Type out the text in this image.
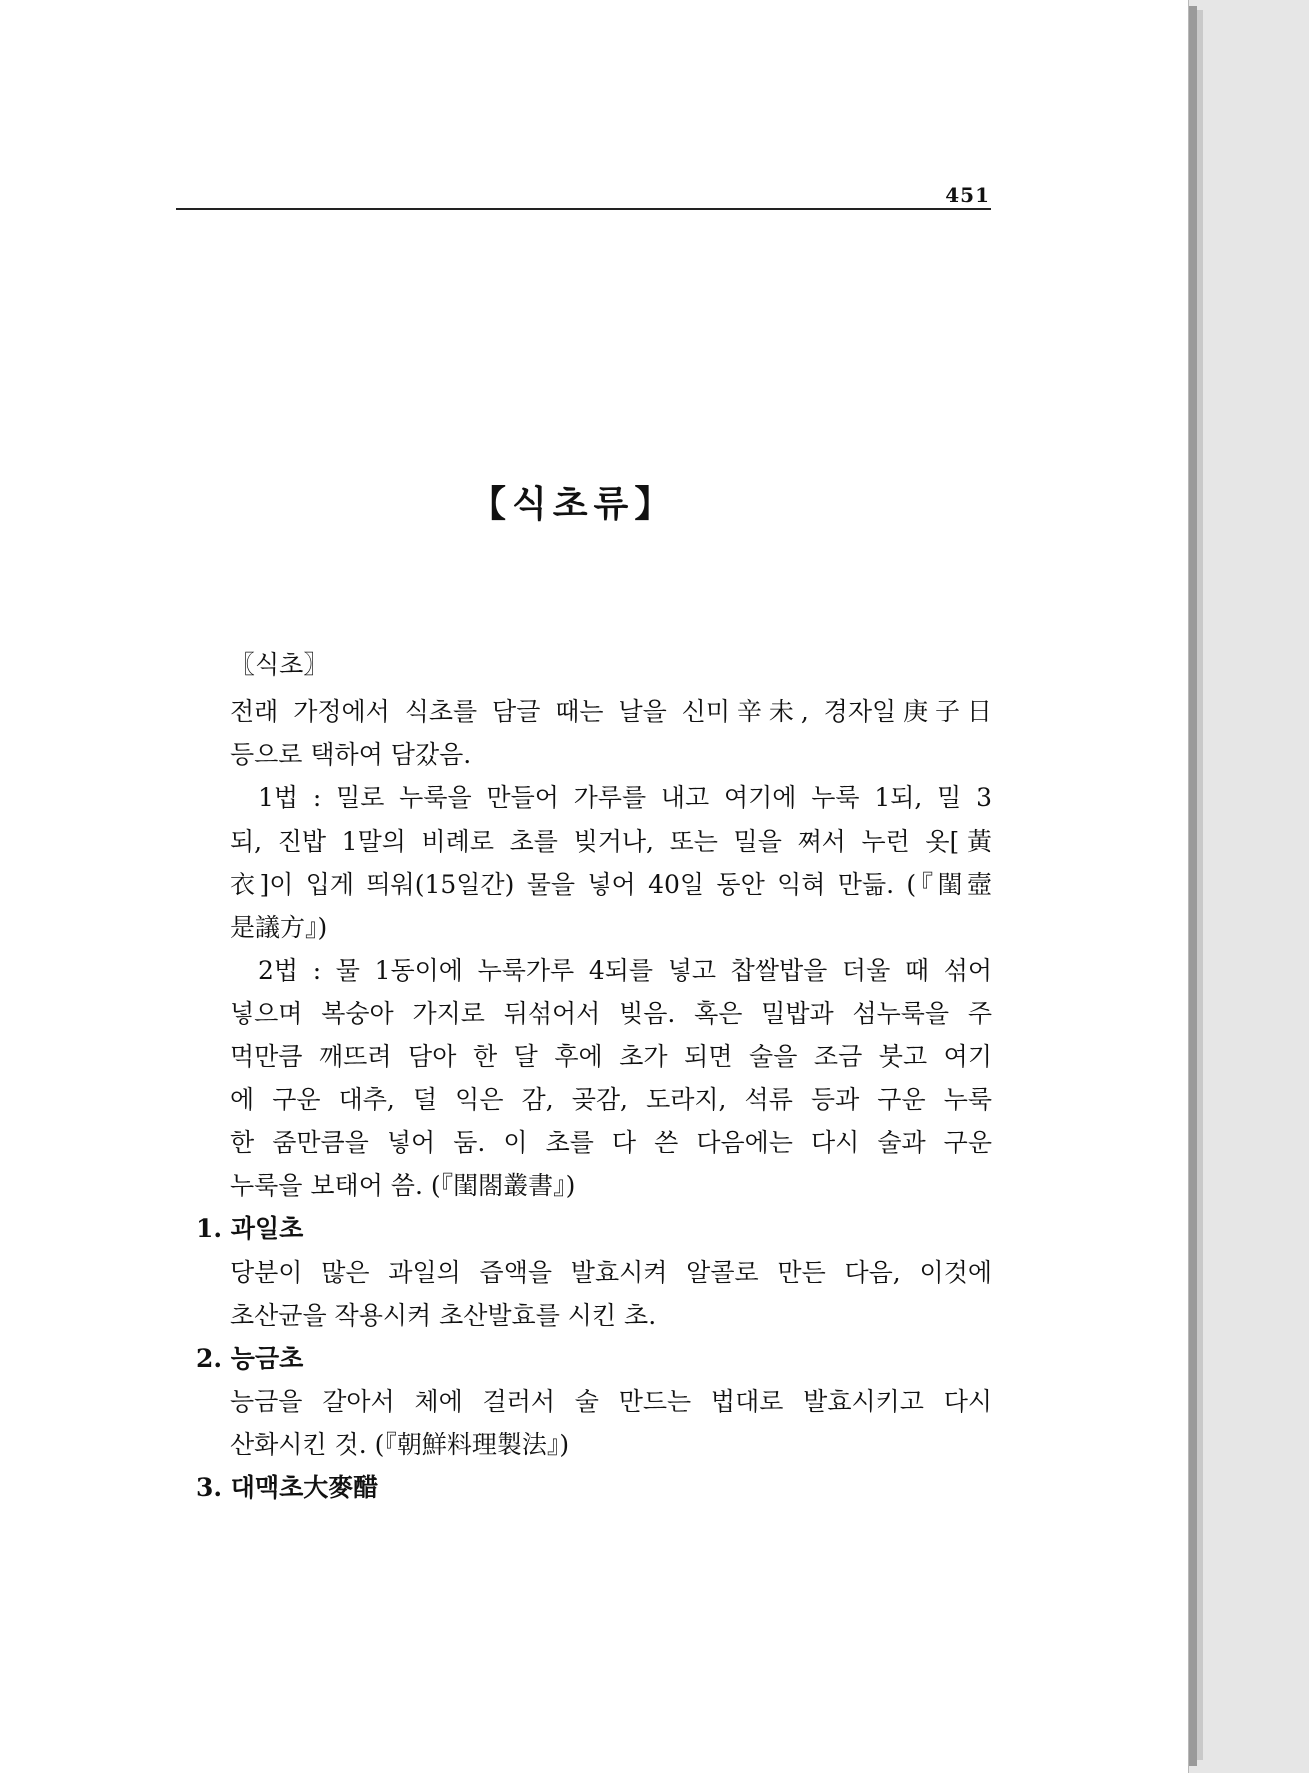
451
【식초류】
〖식초〗
전래 가정에서 식초를 담글 때는 날을 신미辛未, 경자일庚子日
등으로 택하여 담갔음.
1법 : 밀로 누룩을 만들어 가루를 내고 여기에 누룩 1되, 밀 3
되, 진밥 1말의 비례로 초를 빚거나, 또는 밀을 쪄서 누런 옷[黃
衣]이 입게 띄워(15일간) 물을 넣어 40일 동안 익혀 만듦. (『閨壼
是議方』)
2법 : 물 1동이에 누룩가루 4되를 넣고 찹쌀밥을 더울 때 섞어
넣으며 복숭아 가지로 뒤섞어서 빚음. 혹은 밀밥과 섬누룩을 주
먹만큼 깨뜨려 담아 한 달 후에 초가 되면 술을 조금 붓고 여기
에 구운 대추, 덜 익은 감, 곶감, 도라지, 석류 등과 구운 누룩
한 줌만큼을 넣어 둠. 이 초를 다 쓴 다음에는 다시 술과 구운
누룩을 보태어 씀. (『閨閤叢書』)
1. 과일초
당분이 많은 과일의 즙액을 발효시켜 알콜로 만든 다음, 이것에
초산균을 작용시켜 초산발효를 시킨 초.
2. 능금초
능금을 갈아서 체에 걸러서 술 만드는 법대로 발효시키고 다시
산화시킨 것. (『朝鮮料理製法』)
3. 대맥초大麥醋
